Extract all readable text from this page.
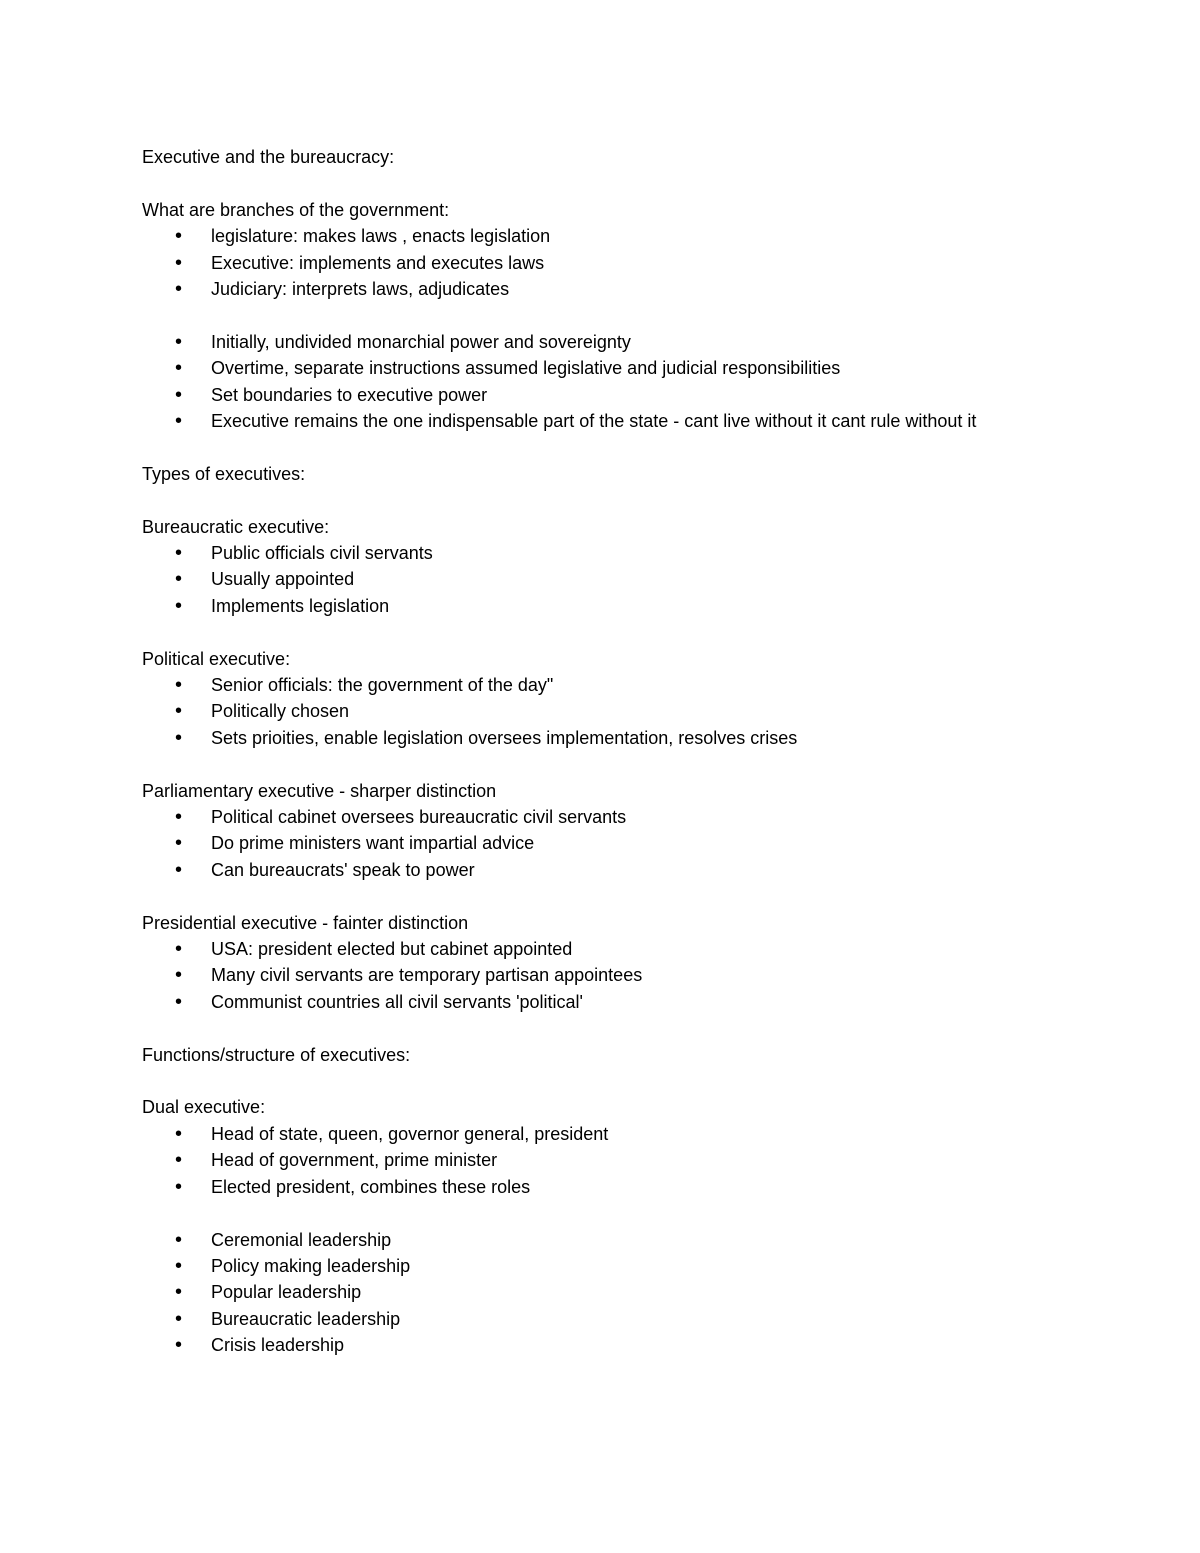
Executive and the bureaucracy:

What are branches of the government:

• legislature: makes laws , enacts legislation
• Executive: implements and executes laws
• Judiciary: interprets laws, adjudicates
• Initially, undivided monarchial power and sovereignty
• Overtime, separate instructions assumed legislative and judicial responsibilities
• Set boundaries to executive power
• Executive remains the one indispensable part of the state - cant live without it cant rule without it

Types of executives:

Bureaucratic executive:

• Public officials civil servants
• Usually appointed
• Implements legislation

Political executive:

• Senior officials: the government of the day"
• Politically chosen
• Sets prioities, enable legislation oversees implementation, resolves crises

Parliamentary executive - sharper distinction

• Political cabinet oversees bureaucratic civil servants
• Do prime ministers want impartial advice
• Can bureaucrats' speak to power

Presidential executive - fainter distinction

• USA: president elected but cabinet appointed
• Many civil servants are temporary partisan appointees
• Communist countries all civil servants 'political'

Functions/structure of executives:

Dual executive:

• Head of state, queen, governor general, president
• Head of government, prime minister
• Elected president, combines these roles
• Ceremonial leadership
• Policy making leadership
• Popular leadership
• Bureaucratic leadership
• Crisis leadership
